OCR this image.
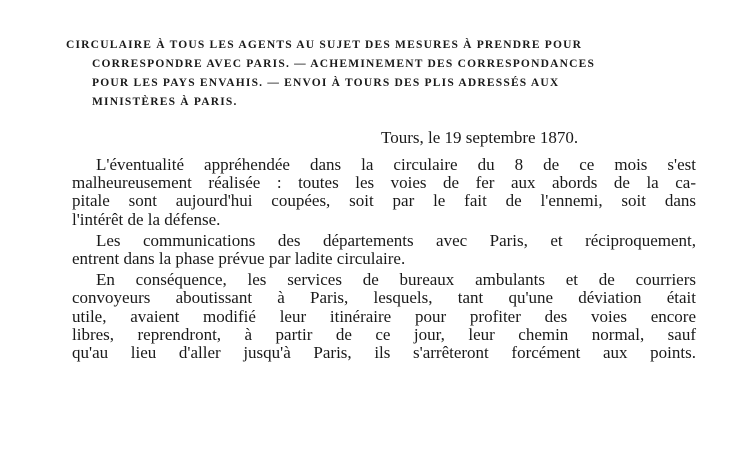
CIRCULAIRE À TOUS LES AGENTS AU SUJET DES MESURES À PRENDRE POUR
CORRESPONDRE AVEC PARIS. — ACHEMINEMENT DES CORRESPONDANCES
POUR LES PAYS ENVAHIS. — ENVOI À TOURS DES PLIS ADRESSÉS AUX
MINISTÈRES À PARIS.
Tours, le 19 septembre 1870.

L'éventualité appréhendée dans la circulaire du 8 de ce mois s'est
malheureusement réalisée : toutes les voies de fer aux abords de la ca-
pitale sont aujourd'hui coupées, soit par le fait de l'ennemi, soit dans
l'intérêt de la défense.

Les communications des départements avec Paris, et réciproquement,
entrent dans la phase prévue par ladite circulaire.

En conséquence, les services de bureaux ambulants et de courriers
convoyeurs aboutissant à Paris, lesquels, tant qu'une déviation était
utile, avaient modifié leur itinéraire pour profiter des voies encore
libres, reprendront, à partir de ce jour, leur chemin normal, sauf
qu'au lieu d'aller jusqu'à Paris, ils s'arrêteront forcément aux points.
